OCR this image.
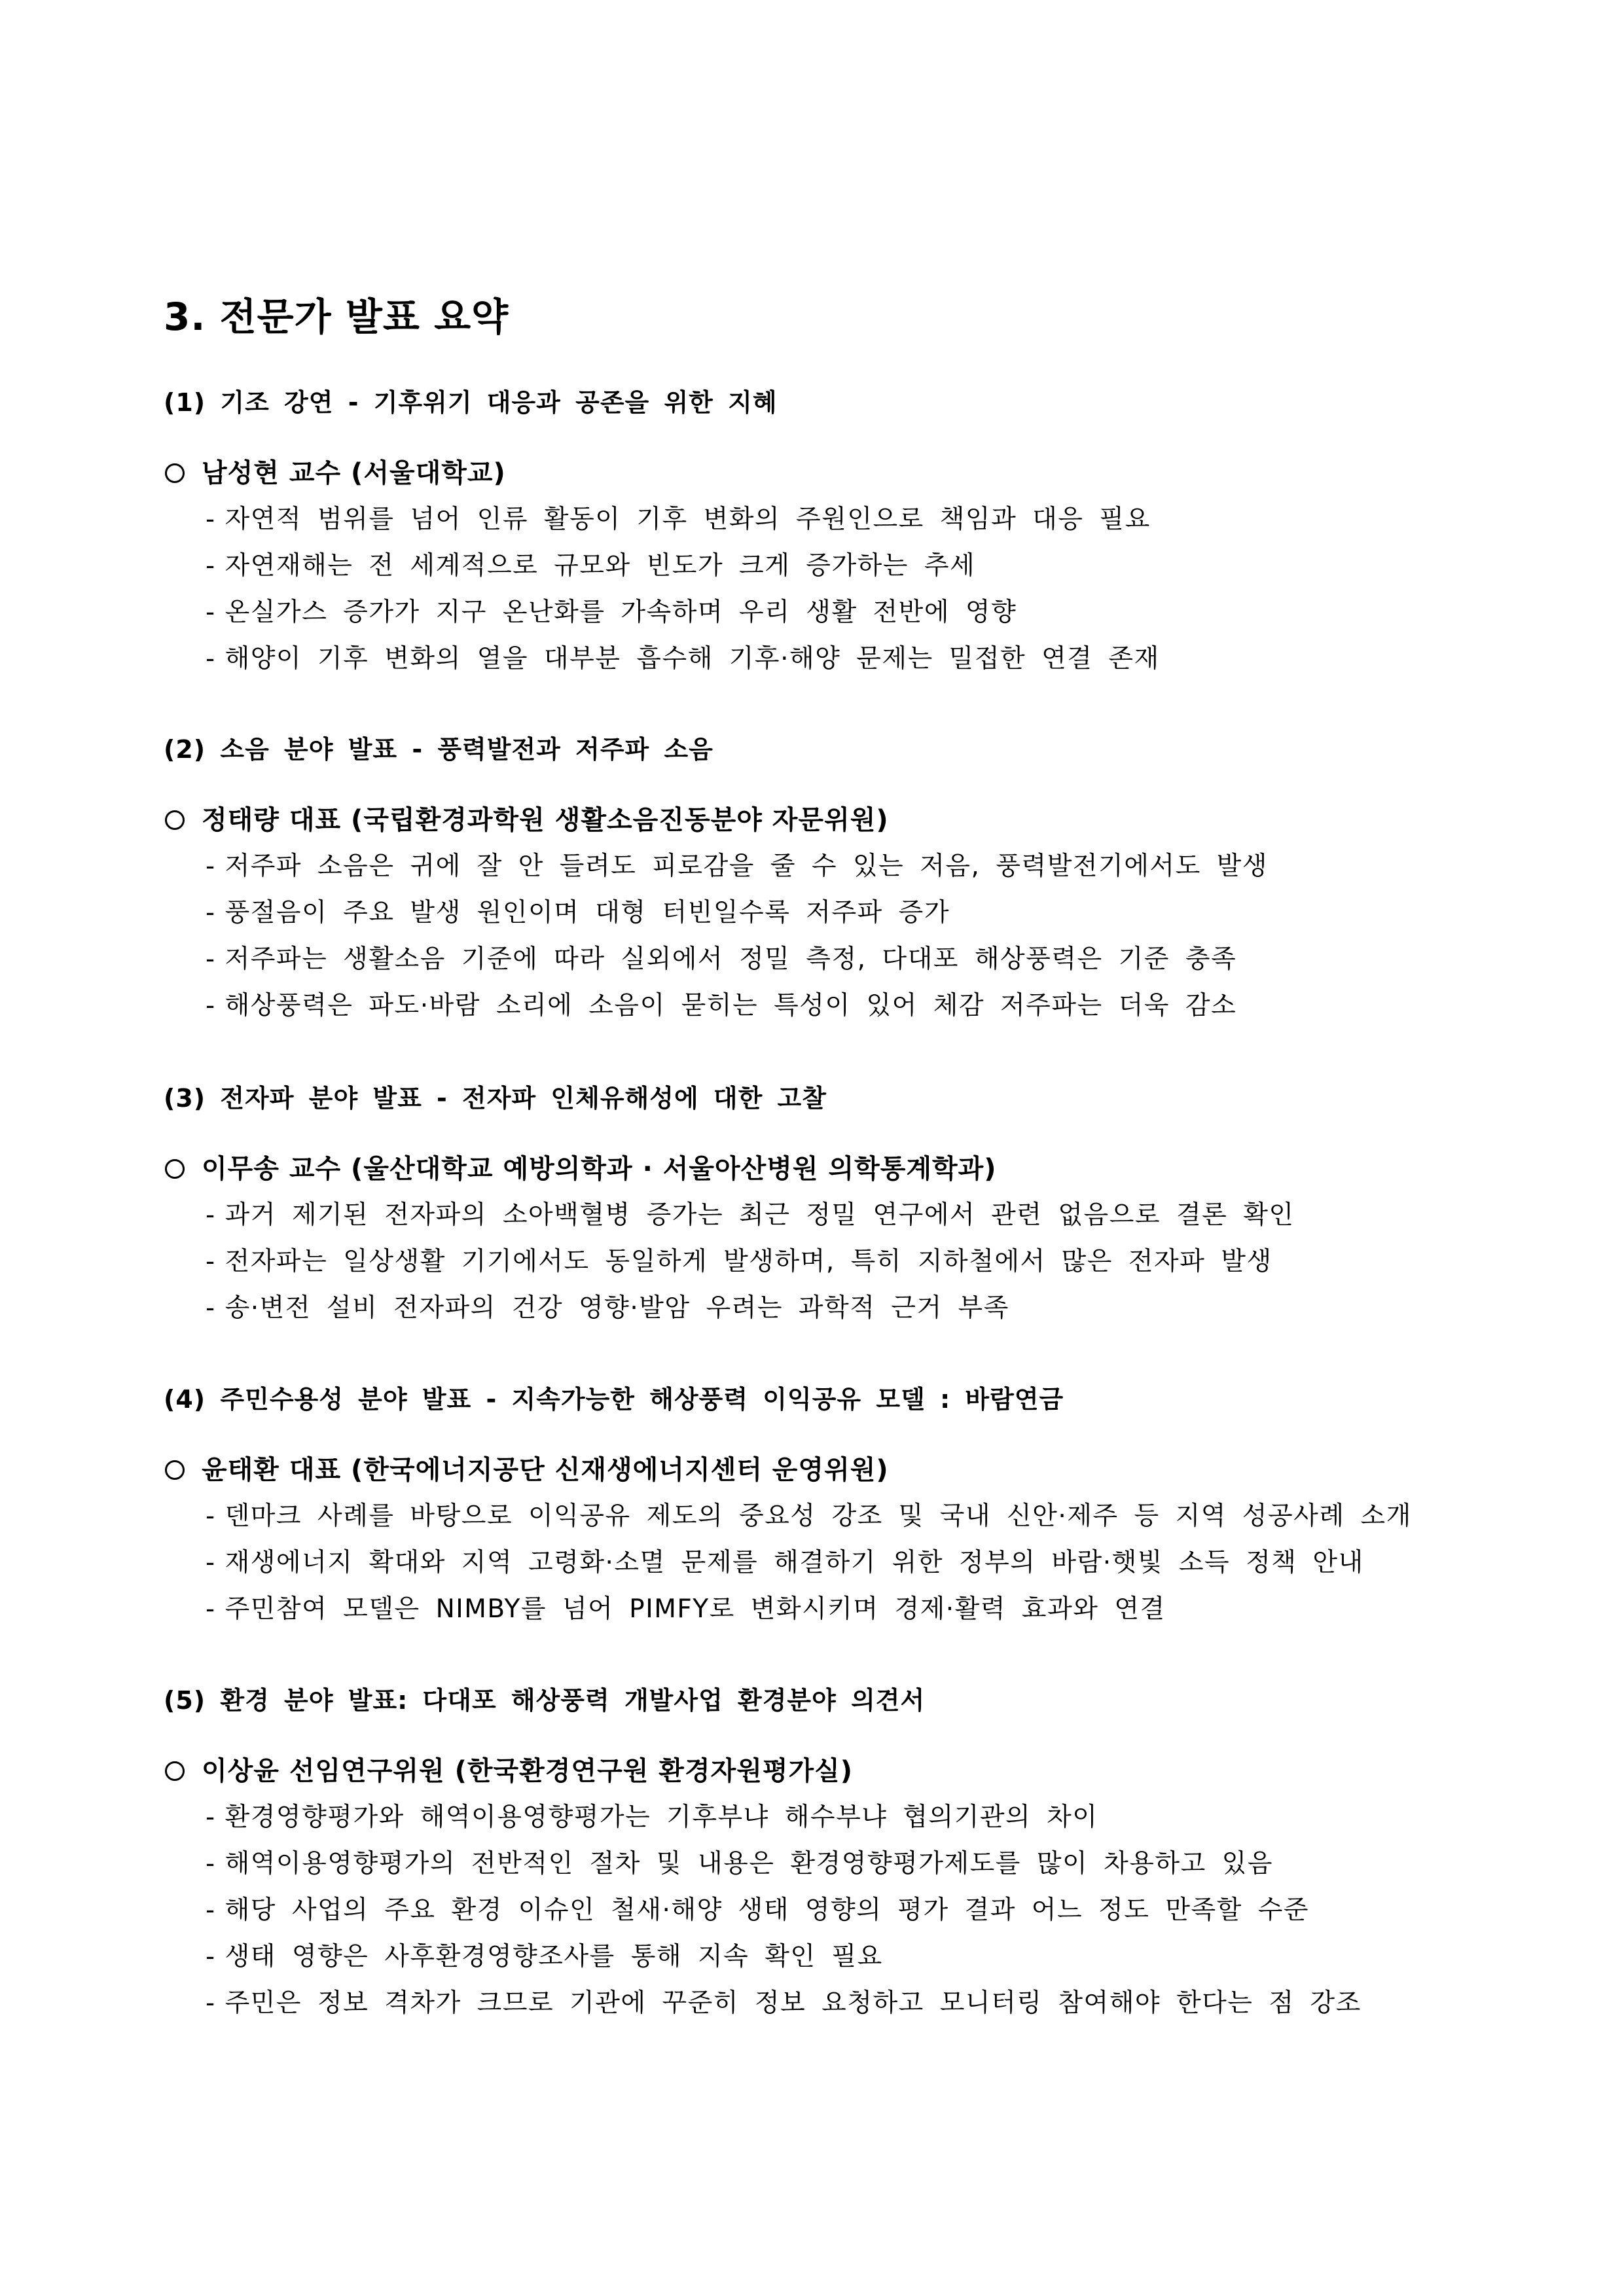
3. 전문가 발표 요약
(1) 기조 강연 - 기후위기 대응과 공존을 위한 지혜
남성현 교수 (서울대학교)
- 자연적 범위를 넘어 인류 활동이 기후 변화의 주원인으로 책임과 대응 필요
- 자연재해는 전 세계적으로 규모와 빈도가 크게 증가하는 추세
- 온실가스 증가가 지구 온난화를 가속하며 우리 생활 전반에 영향
- 해양이 기후 변화의 열을 대부분 흡수해 기후·해양 문제는 밀접한 연결 존재
(2) 소음 분야 발표 - 풍력발전과 저주파 소음
정태량 대표 (국립환경과학원 생활소음진동분야 자문위원)
- 저주파 소음은 귀에 잘 안 들려도 피로감을 줄 수 있는 저음, 풍력발전기에서도 발생
- 풍절음이 주요 발생 원인이며 대형 터빈일수록 저주파 증가
- 저주파는 생활소음 기준에 따라 실외에서 정밀 측정, 다대포 해상풍력은 기준 충족
- 해상풍력은 파도·바람 소리에 소음이 묻히는 특성이 있어 체감 저주파는 더욱 감소
(3) 전자파 분야 발표 - 전자파 인체유해성에 대한 고찰
이무송 교수 (울산대학교 예방의학과 · 서울아산병원 의학통계학과)
- 과거 제기된 전자파의 소아백혈병 증가는 최근 정밀 연구에서 관련 없음으로 결론 확인
- 전자파는 일상생활 기기에서도 동일하게 발생하며, 특히 지하철에서 많은 전자파 발생
- 송·변전 설비 전자파의 건강 영향·발암 우려는 과학적 근거 부족
(4) 주민수용성 분야 발표 - 지속가능한 해상풍력 이익공유 모델 : 바람연금
윤태환 대표 (한국에너지공단 신재생에너지센터 운영위원)
- 덴마크 사례를 바탕으로 이익공유 제도의 중요성 강조 및 국내 신안·제주 등 지역 성공사례 소개
- 재생에너지 확대와 지역 고령화·소멸 문제를 해결하기 위한 정부의 바람·햇빛 소득 정책 안내
- 주민참여 모델은 NIMBY를 넘어 PIMFY로 변화시키며 경제·활력 효과와 연결
(5) 환경 분야 발표: 다대포 해상풍력 개발사업 환경분야 의견서
이상윤 선임연구위원 (한국환경연구원 환경자원평가실)
- 환경영향평가와 해역이용영향평가는 기후부냐 해수부냐 협의기관의 차이
- 해역이용영향평가의 전반적인 절차 및 내용은 환경영향평가제도를 많이 차용하고 있음
- 해당 사업의 주요 환경 이슈인 철새·해양 생태 영향의 평가 결과 어느 정도 만족할 수준
- 생태 영향은 사후환경영향조사를 통해 지속 확인 필요
- 주민은 정보 격차가 크므로 기관에 꾸준히 정보 요청하고 모니터링 참여해야 한다는 점 강조
